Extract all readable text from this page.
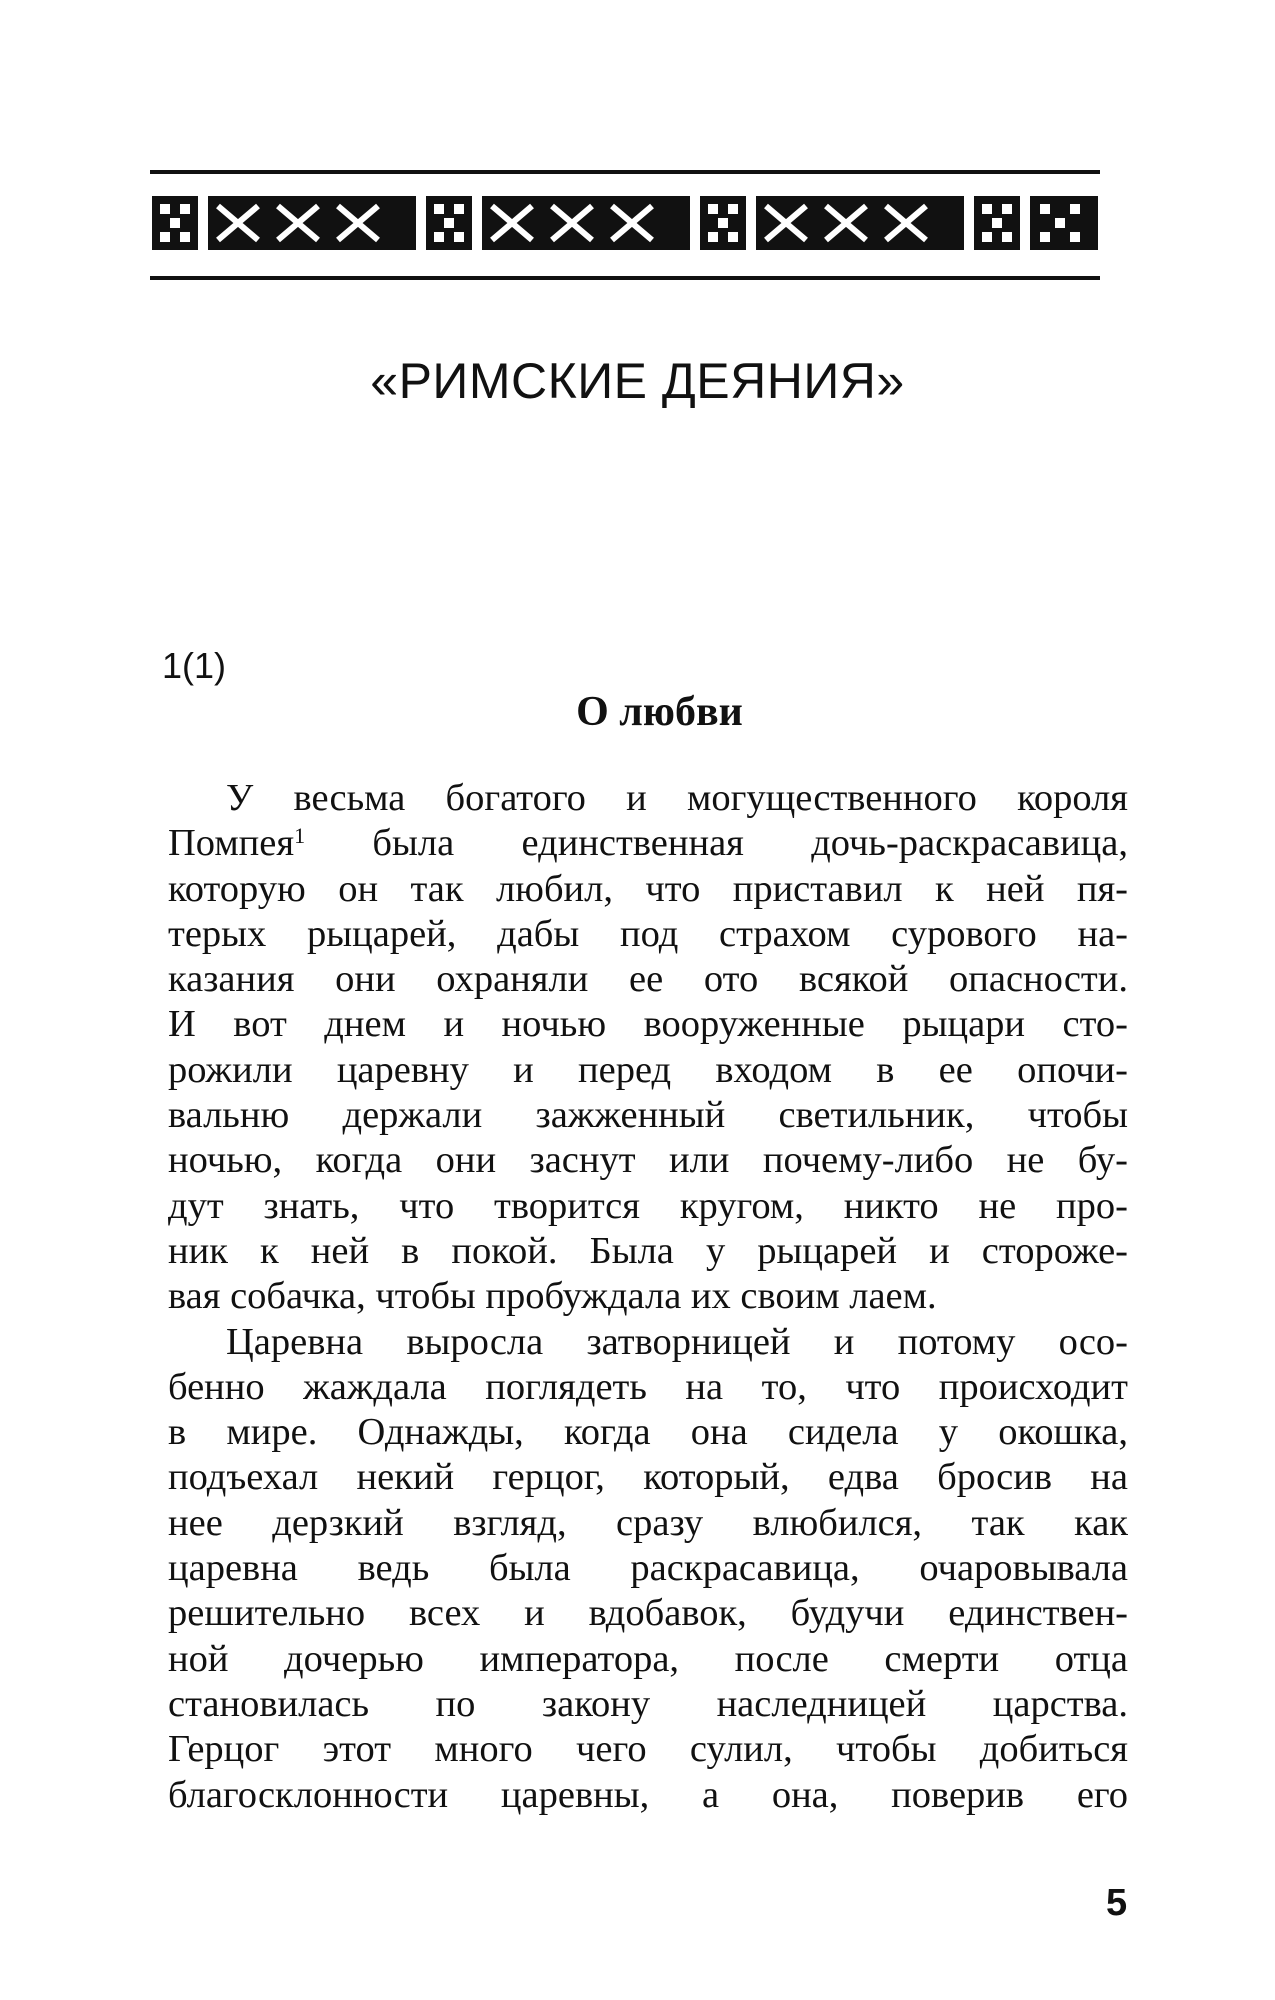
«РИМСКИЕ ДЕЯНИЯ»
1(1)
О любви
У весьма богатого и могущественного короля
Помпея$^1$ была единственная дочь-раскрасавица,
которую он так любил, что приставил к ней пя-
терых рыцарей, дабы под страхом сурового на-
казания они охраняли ее ото всякой опасности.
И вот днем и ночью вооруженные рыцари сто-
рожили царевну и перед входом в ее опочи-
вальню держали зажженный светильник, чтобы
ночью, когда они заснут или почему-либо не бу-
дут знать, что творится кругом, никто не про-
ник к ней в покой. Была у рыцарей и стороже-
вая собачка, чтобы пробуждала их своим лаем.
Царевна выросла затворницей и потому осо-
бенно жаждала поглядеть на то, что происходит
в мире. Однажды, когда она сидела у окошка,
подъехал некий герцог, который, едва бросив на
нее дерзкий взгляд, сразу влюбился, так как
царевна ведь была раскрасавица, очаровывала
решительно всех и вдобавок, будучи единствен-
ной дочерью императора, после смерти отца
становилась по закону наследницей царства.
Герцог этот много чего сулил, чтобы добиться
благосклонности царевны, а она, поверив его
5
